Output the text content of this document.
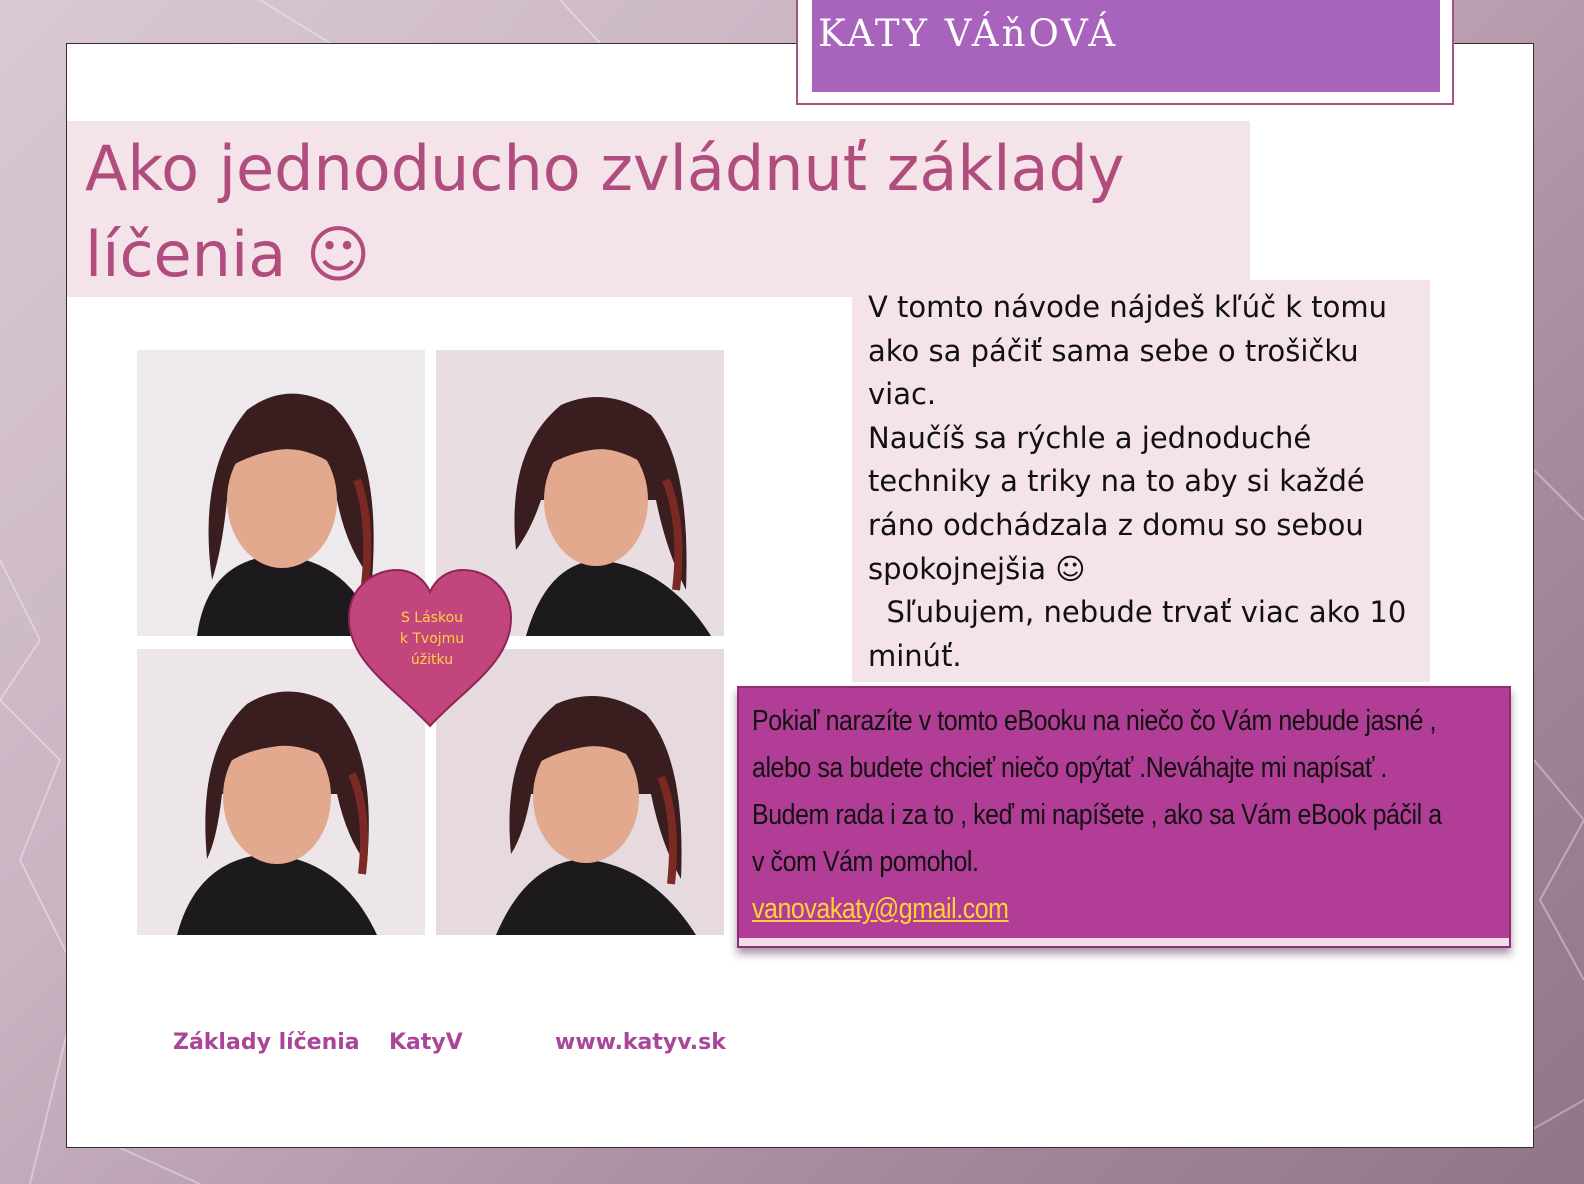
KATY VÁňOVÁ
Ako jednoducho zvládnuť základy líčenia ☺

V tomto návode nájdeš kľúč k tomu
ako sa páčiť sama sebe o trošičku
viac.
Naučíš sa rýchle a jednoduché
techniky a triky na to aby si každé
ráno odchádzala z domu so sebou
spokojnejšia ☺
Sľubujem, nebude trvať viac ako 10
minúť.

S Láskou
k Tvojmu
úžitku
Pokiaľ narazíte v tomto eBooku na niečo čo Vám nebude jasné ,
alebo sa budete chcieť niečo opýtať .Neváhajte mi napísať .
Budem rada i za to , keď mi napíšete , ako sa Vám eBook páčil a
v čom Vám pomohol.
vanovakaty@gmail.com
Základy líčenia KatyV	www.katyv.sk
